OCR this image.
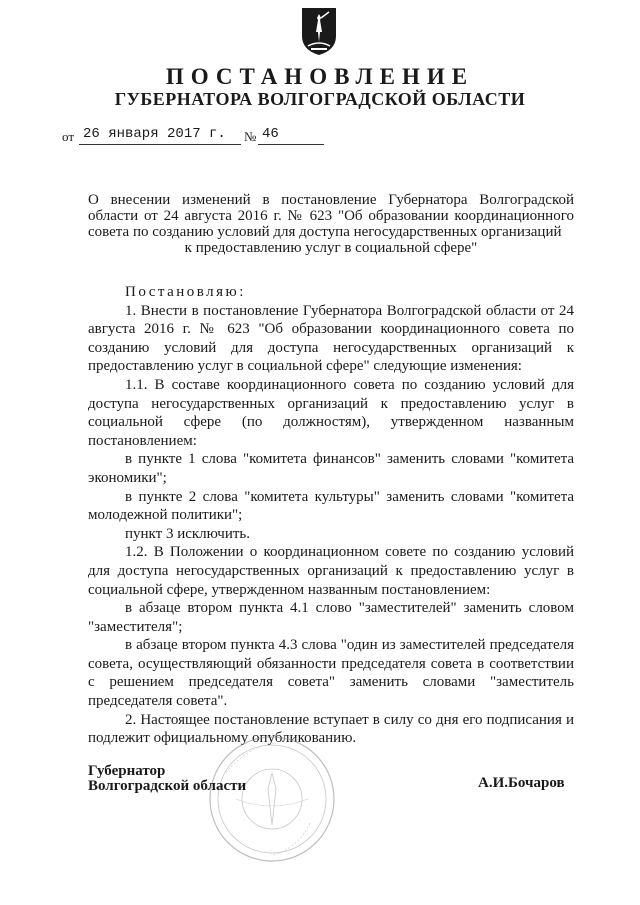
ПОСТАНОВЛЕНИЕ
ГУБЕРНАТОРА ВОЛГОГРАДСКОЙ ОБЛАСТИ
от 26 января 2017 г.	№ 46
О внесении изменений в постановление Губернатора Волгоградской области от 24 августа 2016 г. № 623 "Об образовании координационного совета по созданию условий для доступа негосударственных организаций
к предоставлению услуг в социальной сфере"

Постановляю:

1. Внести в постановление Губернатора Волгоградской области от 24 августа 2016 г. № 623 "Об образовании координационного совета по созданию условий для доступа негосударственных организаций к предоставлению услуг в социальной сфере" следующие изменения:

1.1. В составе координационного совета по созданию условий для доступа негосударственных организаций к предоставлению услуг в социальной сфере (по должностям), утвержденном названным постановлением:

в пункте 1 слова "комитета финансов" заменить словами "комитета экономики";

в пункте 2 слова "комитета культуры" заменить словами "комитета молодежной политики";

пункт 3 исключить.

1.2. В Положении о координационном совете по созданию условий для доступа негосударственных организаций к предоставлению услуг в социальной сфере, утвержденном названным постановлением:

в абзаце втором пункта 4.1 слово "заместителей" заменить словом "заместителя";

в абзаце втором пункта 4.3 слова "один из заместителей председателя совета, осуществляющий обязанности председателя совета в соответствии с решением председателя совета" заменить словами "заместитель председателя совета".

2. Настоящее постановление вступает в силу со дня его подписания и подлежит официальному опубликованию.

Губернатор
Волгоградской области	А.И.Бочаров
